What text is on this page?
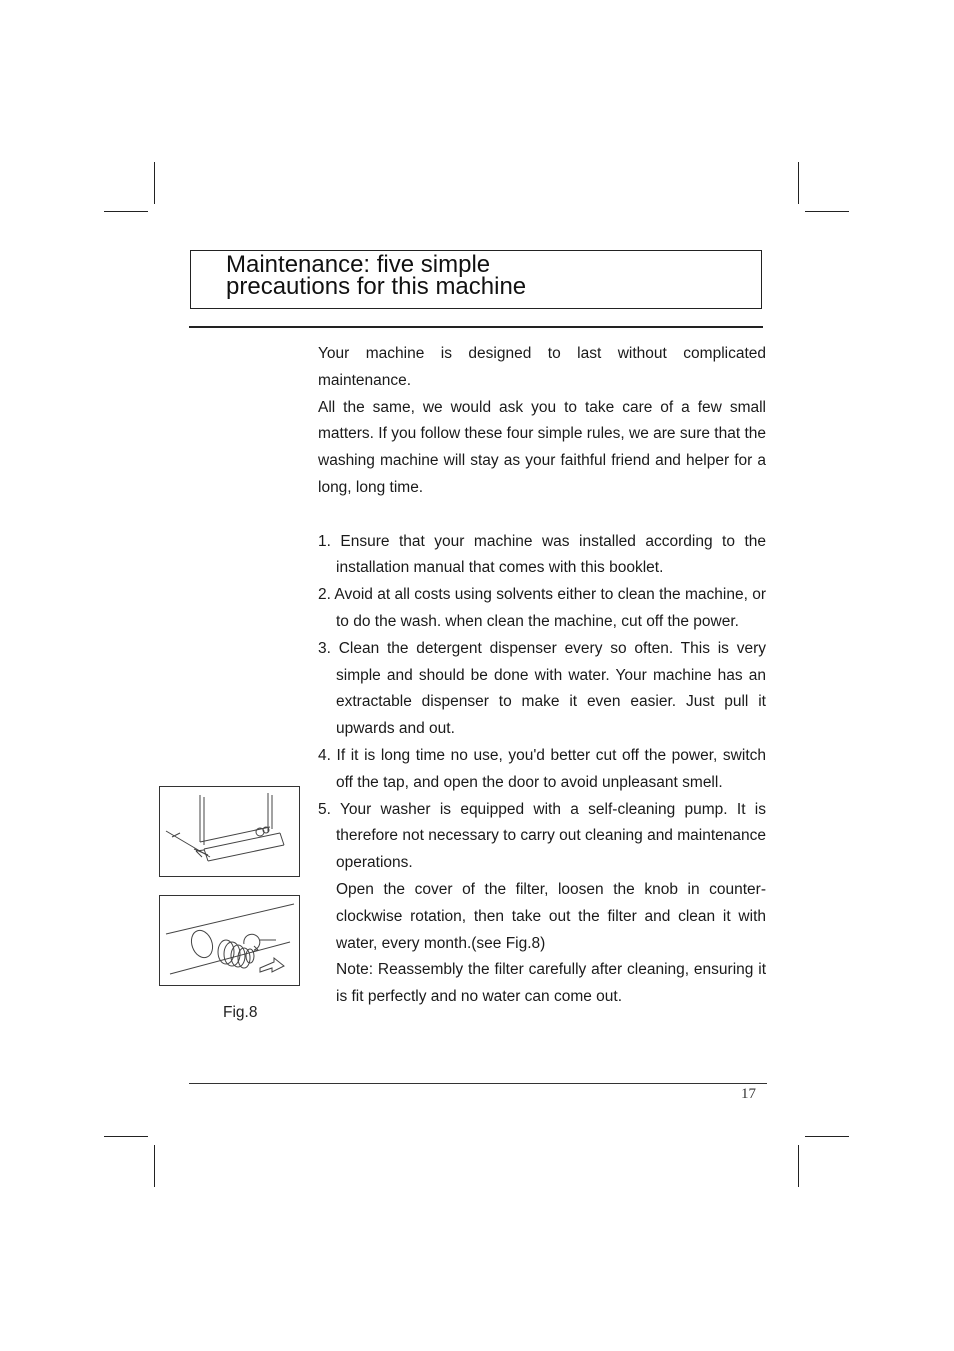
Maintenance: five simple
precautions for this machine

Your machine is designed to last without complicated maintenance.

All the same, we would ask you to take care of a few small matters. If you follow these four simple rules, we are sure that the washing machine will stay as your faithful friend and helper for a long, long time.

1. Ensure that your machine was installed according to the installation manual that comes with this booklet.

2. Avoid at all costs using solvents either to clean the machine, or to do the wash. when clean the machine, cut off the power.

3. Clean the detergent dispenser every so often. This is very simple and should be done with water. Your machine has an extractable dispenser to make it even easier. Just pull it upwards and out.

4. If it is long time no use, you'd better cut off the power, switch off the tap, and open the door to avoid unpleasant smell.

5. Your washer is equipped with a self-cleaning pump. It is therefore not necessary to carry out cleaning and maintenance operations.

Open the cover of the filter, loosen the knob in counter-clockwise rotation, then take out the filter and clean it with water, every month.(see Fig.8)

Note: Reassembly the filter carefully after cleaning, ensuring it is fit perfectly and no water can come out.

Fig.8
17
